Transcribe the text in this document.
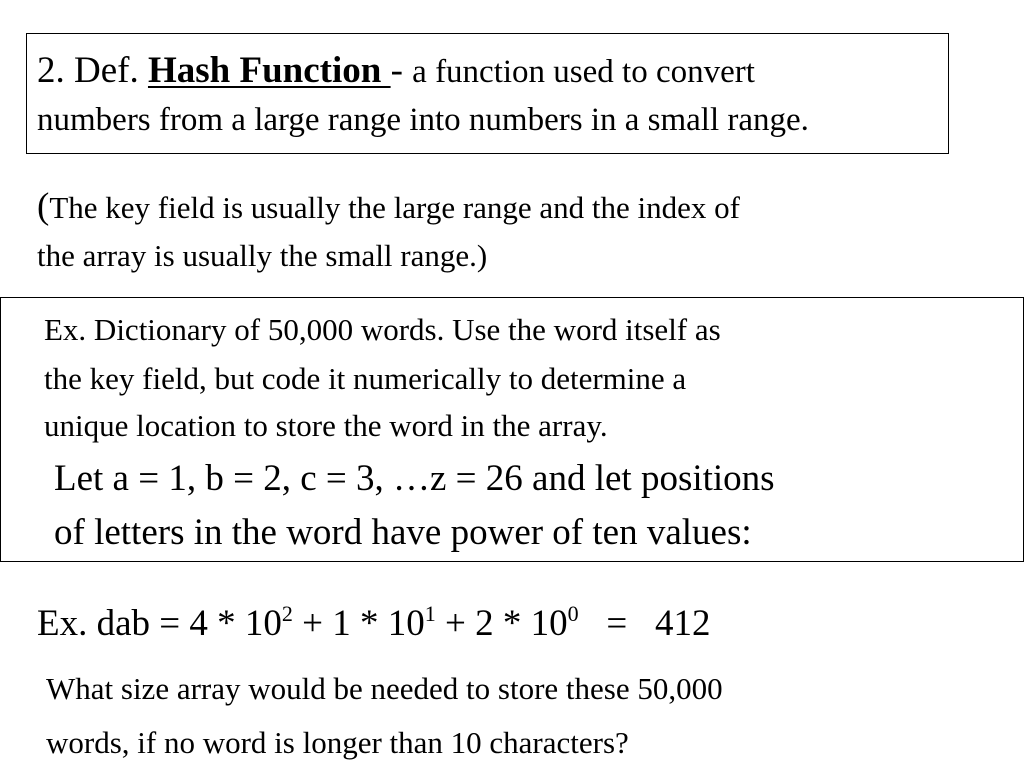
2. Def. Hash Function - a function used to convert
numbers from a large range into numbers in a small range.
(The key field is usually the large range and the index of
the array is usually the small range.)
Ex. Dictionary of 50,000 words. Use the word itself as
the key field, but code it numerically to determine a
unique location to store the word in the array.
Let a = 1, b = 2, c = 3, …z = 26 and let positions
of letters in the word have power of ten values:
Ex. dab = $4 * 10^2 + 1 * 10^1 + 2 * 10^0 = 412$
What size array would be needed to store these 50,000
words, if no word is longer than 10 characters?
